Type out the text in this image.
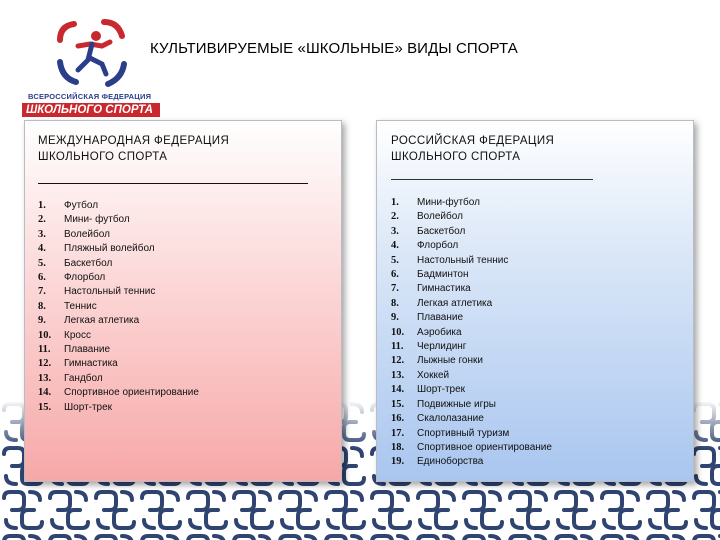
ВСЕРОССИЙСКАЯ ФЕДЕРАЦИЯ
ШКОЛЬНОГО СПОРТА
КУЛЬТИВИРУЕМЫЕ «ШКОЛЬНЫЕ» ВИДЫ СПОРТА
МЕЖДУНАРОДНАЯ ФЕДЕРАЦИЯ
ШКОЛЬНОГО СПОРТА
1. Футбол
2. Мини- футбол
3. Волейбол
4. Пляжный волейбол
5. Баскетбол
6. Флорбол
7. Настольный теннис
8. Теннис
9. Легкая атлетика
10. Кросс
11. Плавание
12. Гимнастика
13. Гандбол
14. Спортивное ориентирование
15. Шорт-трек
РОССИЙСКАЯ ФЕДЕРАЦИЯ
ШКОЛЬНОГО СПОРТА
1. Мини-футбол
2. Волейбол
3. Баскетбол
4. Флорбол
5. Настольный теннис
6. Бадминтон
7. Гимнастика
8. Легкая атлетика
9. Плавание
10. Аэробика
11. Черлидинг
12. Лыжные гонки
13. Хоккей
14. Шорт-трек
15. Подвижные игры
16. Скалолазание
17. Спортивный туризм
18. Спортивное ориентирование
19. Единоборства
